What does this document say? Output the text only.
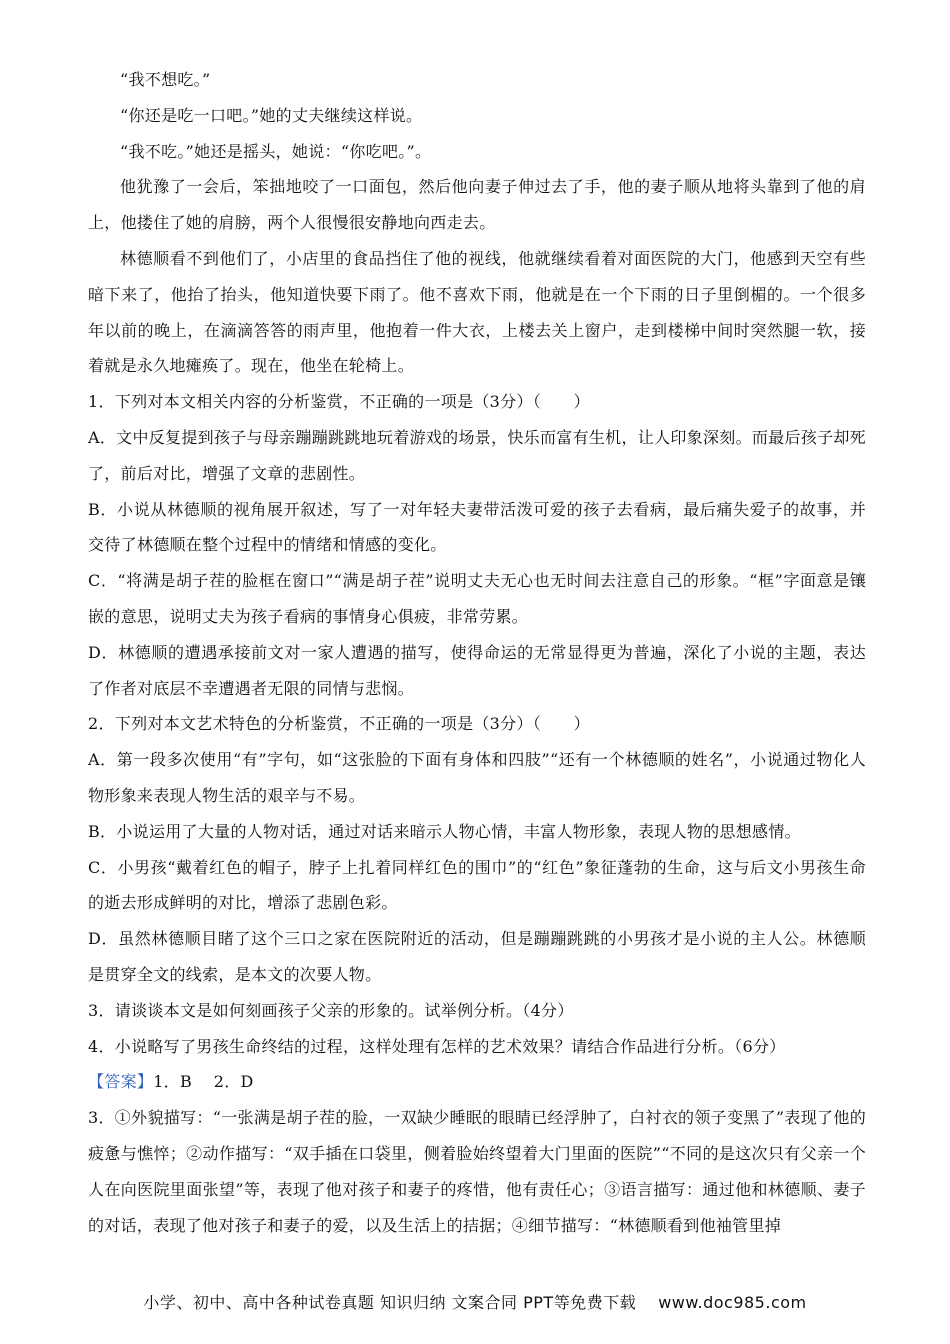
“我不想吃。”

“你还是吃一口吧。”她的丈夫继续这样说。

“我不吃。”她还是摇头，她说：“你吃吧。”。

他犹豫了一会后，笨拙地咬了一口面包，然后他向妻子伸过去了手，他的妻子顺从地将头靠到了他的肩上，他搂住了她的肩膀，两个人很慢很安静地向西走去。

林德顺看不到他们了，小店里的食品挡住了他的视线，他就继续看着对面医院的大门，他感到天空有些暗下来了，他抬了抬头，他知道快要下雨了。他不喜欢下雨，他就是在一个下雨的日子里倒楣的。一个很多年以前的晚上，在滴滴答答的雨声里，他抱着一件大衣，上楼去关上窗户，走到楼梯中间时突然腿一软，接着就是永久地瘫痪了。现在，他坐在轮椅上。

1．下列对本文相关内容的分析鉴赏，不正确的一项是（3分）（　　）

A．文中反复提到孩子与母亲蹦蹦跳跳地玩着游戏的场景，快乐而富有生机，让人印象深刻。而最后孩子却死了，前后对比，增强了文章的悲剧性。

B．小说从林德顺的视角展开叙述，写了一对年轻夫妻带活泼可爱的孩子去看病，最后痛失爱子的故事，并交待了林德顺在整个过程中的情绪和情感的变化。

C．“将满是胡子茬的脸框在窗口”“满是胡子茬”说明丈夫无心也无时间去注意自己的形象。“框”字面意是镶嵌的意思，说明丈夫为孩子看病的事情身心俱疲，非常劳累。

D．林德顺的遭遇承接前文对一家人遭遇的描写，使得命运的无常显得更为普遍，深化了小说的主题，表达了作者对底层不幸遭遇者无限的同情与悲悯。

2．下列对本文艺术特色的分析鉴赏，不正确的一项是（3分）（　　）

A．第一段多次使用“有”字句，如“这张脸的下面有身体和四肢”“还有一个林德顺的姓名”，小说通过物化人物形象来表现人物生活的艰辛与不易。

B．小说运用了大量的人物对话，通过对话来暗示人物心情，丰富人物形象，表现人物的思想感情。

C．小男孩“戴着红色的帽子，脖子上扎着同样红色的围巾”的“红色”象征蓬勃的生命，这与后文小男孩生命的逝去形成鲜明的对比，增添了悲剧色彩。

D．虽然林德顺目睹了这个三口之家在医院附近的活动，但是蹦蹦跳跳的小男孩才是小说的主人公。林德顺是贯穿全文的线索，是本文的次要人物。

3．请谈谈本文是如何刻画孩子父亲的形象的。试举例分析。（4分）

4．小说略写了男孩生命终结的过程，这样处理有怎样的艺术效果？请结合作品进行分析。（6分）

【答案】1．B　 2．D

3．①外貌描写：“一张满是胡子茬的脸，一双缺少睡眠的眼睛已经浮肿了，白衬衣的领子变黑了”表现了他的疲惫与憔悴；②动作描写：“双手插在口袋里，侧着脸始终望着大门里面的医院”“不同的是这次只有父亲一个人在向医院里面张望”等，表现了他对孩子和妻子的疼惜，他有责任心；③语言描写：通过他和林德顺、妻子的对话，表现了他对孩子和妻子的爱，以及生活上的拮据；④细节描写：“林德顺看到他袖管里掉

小学、初中、高中各种试卷真题 知识归纳 文案合同 PPT等免费下载 www.doc985.com
